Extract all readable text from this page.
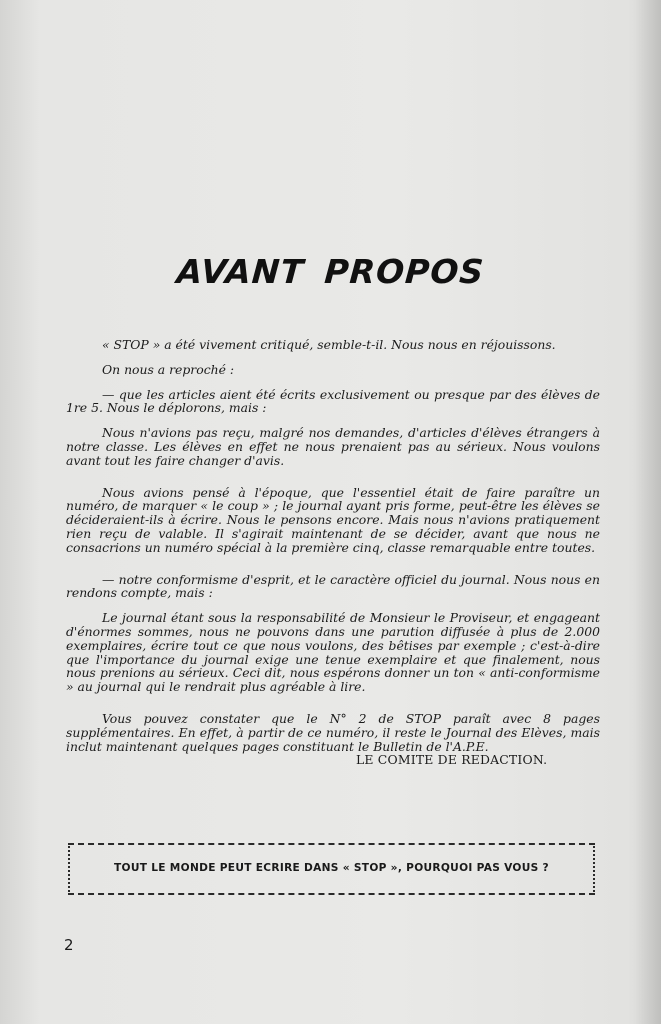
AVANT PROPOS

« STOP » a été vivement critiqué, semble-t-il. Nous nous en réjouissons.

On nous a reproché :

— que les articles aient été écrits exclusivement ou presque par des élèves de 1re 5. Nous le déplorons, mais :

Nous n'avions pas reçu, malgré nos demandes, d'articles d'élèves étrangers à notre classe. Les élèves en effet ne nous prenaient pas au sérieux. Nous voulons avant tout les faire changer d'avis.

Nous avions pensé à l'époque, que l'essentiel était de faire paraître un numéro, de marquer « le coup » ; le journal ayant pris forme, peut-être les élèves se décideraient-ils à écrire. Nous le pensons encore. Mais nous n'avions pratiquement rien reçu de valable. Il s'agirait maintenant de se décider, avant que nous ne consacrions un numéro spécial à la première cinq, classe remarquable entre toutes.

— notre conformisme d'esprit, et le caractère officiel du journal. Nous nous en rendons compte, mais :

Le journal étant sous la responsabilité de Monsieur le Proviseur, et engageant d'énormes sommes, nous ne pouvons dans une parution diffusée à plus de 2.000 exemplaires, écrire tout ce que nous voulons, des bêtises par exemple ; c'est-à-dire que l'importance du journal exige une tenue exemplaire et que finalement, nous nous prenions au sérieux. Ceci dit, nous espérons donner un ton « anti-conformisme » au journal qui le rendrait plus agréable à lire.

Vous pouvez constater que le N° 2 de STOP paraît avec 8 pages supplémentaires. En effet, à partir de ce numéro, il reste le Journal des Elèves, mais inclut maintenant quelques pages constituant le Bulletin de l'A.P.E.

LE COMITE DE REDACTION.
TOUT LE MONDE PEUT ECRIRE DANS « STOP », POURQUOI PAS VOUS ?
2
